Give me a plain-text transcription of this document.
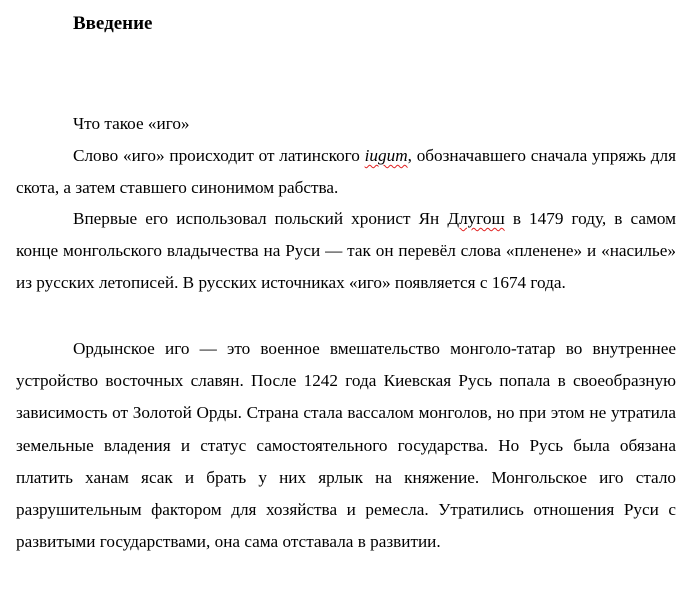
Введение

Что такое «иго»

Слово «иго» происходит от латинского iugum, обозначавшего сначала упряжь для скота, а затем ставшего синонимом рабства.

Впервые его использовал польский хронист Ян Длугош в 1479 году, в самом конце монгольского владычества на Руси — так он перевёл слова «пленене» и «насилье» из русских летописей. В русских источниках «иго» появляется с 1674 года.

Ордынское иго — это военное вмешательство монголо-татар во внутреннее устройство восточных славян. После 1242 года Киевская Русь попала в своеобразную зависимость от Золотой Орды. Страна стала вассалом монголов, но при этом не утратила земельные владения и статус самостоятельного государства. Но Русь была обязана платить ханам ясак и брать у них ярлык на княжение. Монгольское иго стало разрушительным фактором для хозяйства и ремесла. Утратились отношения Руси с развитыми государствами, она сама отставала в развитии.
